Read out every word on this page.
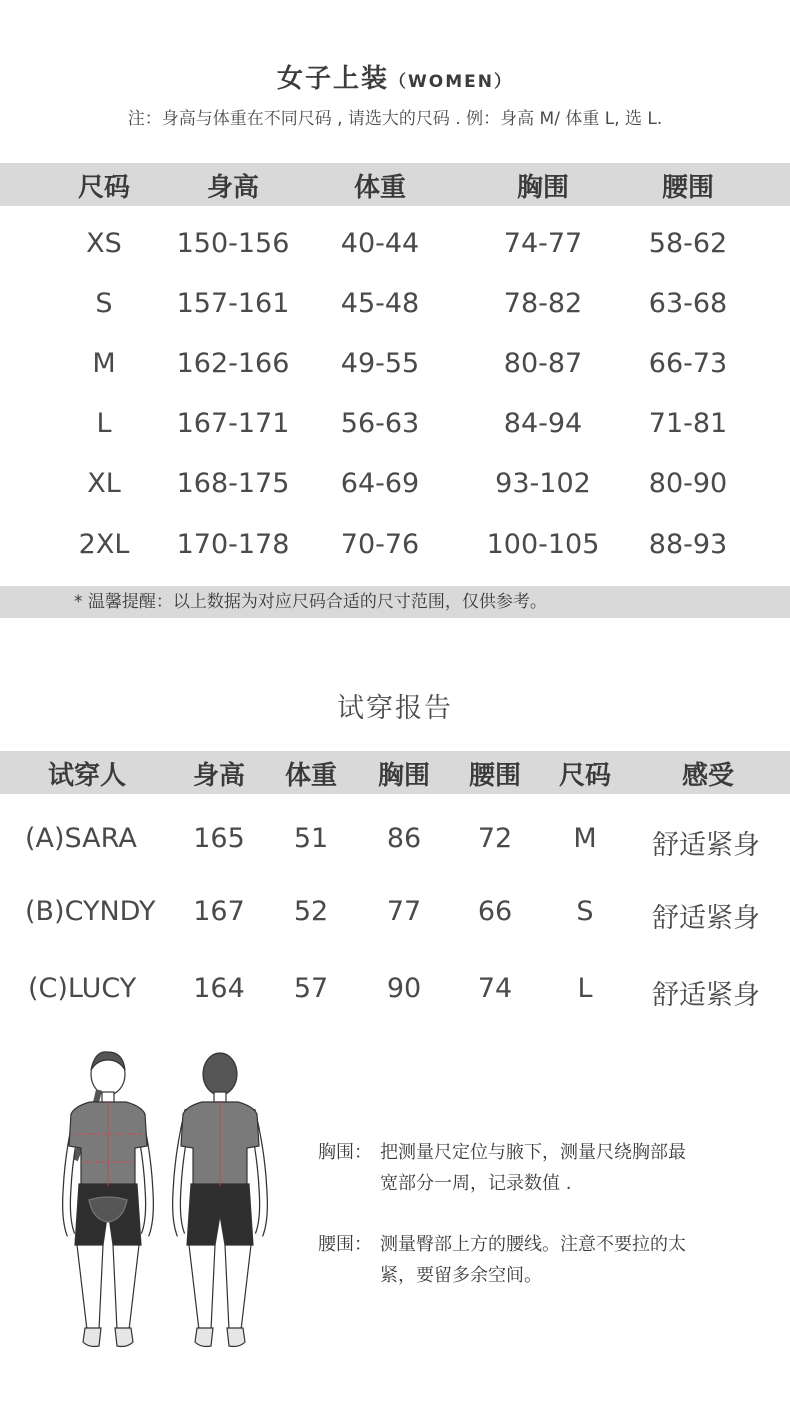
女子上装（WOMEN）
注：身高与体重在不同尺码 , 请选大的尺码 . 例：身高 M/ 体重 L, 选 L.
尺码	身高	体重	胸围	腰围
XS 150-156 40-44	74-77 58-62
S 157-161 45-48	78-82 63-68
M 162-166 49-55	80-87 66-73
L 167-171 56-63	84-94 71-81
XL 168-175 64-69	93-102 80-90
2XL 170-178 70-76 100-105 88-93
* 温馨提醒：以上数据为对应尺码合适的尺寸范围，仅供参考。
试穿报告
试穿人	身高 体重 胸围 腰围 尺码	感受
(A)SARA 165 51 86 72 M 舒适紧身
(B)CYNDY 167 52 77 66 S 舒适紧身
(C)LUCY 164 57 90 74 L 舒适紧身
胸围： 把测量尺定位与腋下，测量尺绕胸部最
宽部分一周，记录数值 .
腰围： 测量臀部上方的腰线。注意不要拉的太
紧，要留多余空间。
